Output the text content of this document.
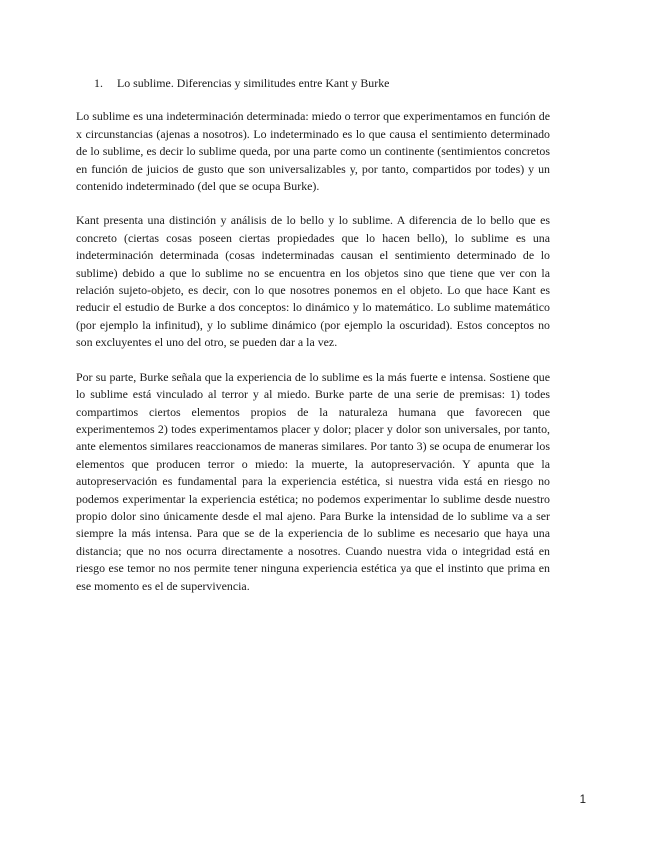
1. Lo sublime. Diferencias y similitudes entre Kant y Burke

Lo sublime es una indeterminación determinada: miedo o terror que experimentamos en función de x circunstancias (ajenas a nosotros). Lo indeterminado es lo que causa el sentimiento determinado de lo sublime, es decir lo sublime queda, por una parte como un continente (sentimientos concretos en función de juicios de gusto que son universalizables y, por tanto, compartidos por todes) y un contenido indeterminado (del que se ocupa Burke).

Kant presenta una distinción y análisis de lo bello y lo sublime. A diferencia de lo bello que es concreto (ciertas cosas poseen ciertas propiedades que lo hacen bello), lo sublime es una indeterminación determinada (cosas indeterminadas causan el sentimiento determinado de lo sublime) debido a que lo sublime no se encuentra en los objetos sino que tiene que ver con la relación sujeto-objeto, es decir, con lo que nosotres ponemos en el objeto. Lo que hace Kant es reducir el estudio de Burke a dos conceptos: lo dinámico y lo matemático. Lo sublime matemático (por ejemplo la infinitud), y lo sublime dinámico (por ejemplo la oscuridad). Estos conceptos no son excluyentes el uno del otro, se pueden dar a la vez.

Por su parte, Burke señala que la experiencia de lo sublime es la más fuerte e intensa. Sostiene que lo sublime está vinculado al terror y al miedo. Burke parte de una serie de premisas: 1) todes compartimos ciertos elementos propios de la naturaleza humana que favorecen que experimentemos 2) todes experimentamos placer y dolor; placer y dolor son universales, por tanto, ante elementos similares reaccionamos de maneras similares. Por tanto 3) se ocupa de enumerar los elementos que producen terror o miedo: la muerte, la autopreservación. Y apunta que la autopreservación es fundamental para la experiencia estética, si nuestra vida está en riesgo no podemos experimentar la experiencia estética; no podemos experimentar lo sublime desde nuestro propio dolor sino únicamente desde el mal ajeno. Para Burke la intensidad de lo sublime va a ser siempre la más intensa. Para que se de la experiencia de lo sublime es necesario que haya una distancia; que no nos ocurra directamente a nosotres. Cuando nuestra vida o integridad está en riesgo ese temor no nos permite tener ninguna experiencia estética ya que el instinto que prima en ese momento es el de supervivencia.

1
